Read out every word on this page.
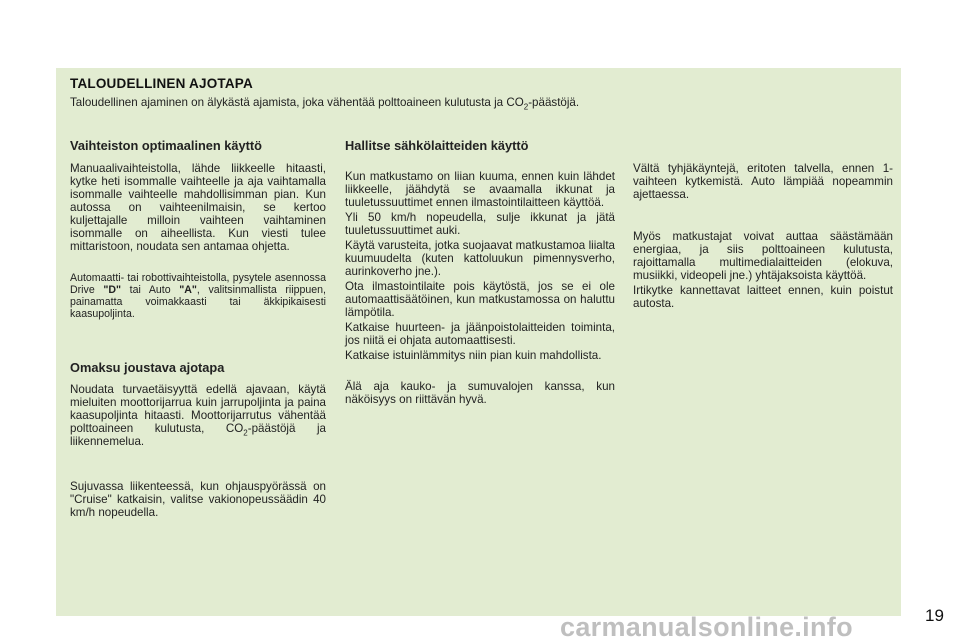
TALOUDELLINEN AJOTAPA

Taloudellinen ajaminen on älykästä ajamista, joka vähentää polttoaineen kulutusta ja $CO_2$-päästöjä.

Vaihteiston optimaalinen käyttö

Manuaalivaihteistolla, lähde liikkeelle hitaasti, kytke heti isommalle vaihteelle ja aja vaihtamalla isommalle vaihteelle mahdollisimman pian. Kun autossa on vaihteenilmaisin, se kertoo kuljettajalle milloin vaihteen vaihtaminen isommalle on aiheellista. Kun viesti tulee mittaristoon, noudata sen antamaa ohjetta.

Automaatti- tai robottivaihteistolla, pysytele asennossa Drive "D" tai Auto "A", valitsinmallista riippuen, painamatta voimakkaasti tai äkkipikaisesti kaasupoljinta.

Omaksu joustava ajotapa

Noudata turvaetäisyyttä edellä ajavaan, käytä mieluiten moottorijarrua kuin jarrupoljinta ja paina kaasupoljinta hitaasti. Moottorijarrutus vähentää polttoaineen kulutusta, $CO_2$-päästöjä ja liikennemelua.

Sujuvassa liikenteessä, kun ohjauspyörässä on "Cruise" katkaisin, valitse vakionopeussäädin 40 km/h nopeudella.

Hallitse sähkölaitteiden käyttö

Kun matkustamo on liian kuuma, ennen kuin lähdet liikkeelle, jäähdytä se avaamalla ikkunat ja tuuletussuuttimet ennen ilmastointilaitteen käyttöä.

Yli 50 km/h nopeudella, sulje ikkunat ja jätä tuuletussuuttimet auki.

Käytä varusteita, jotka suojaavat matkustamoa liialta kuumuudelta (kuten kattoluukun pimennysverho, aurinkoverho jne.).

Ota ilmastointilaite pois käytöstä, jos se ei ole automaattisäätöinen, kun matkustamossa on haluttu lämpötila.

Katkaise huurteen- ja jäänpoistolaitteiden toiminta, jos niitä ei ohjata automaattisesti.

Katkaise istuinlämmitys niin pian kuin mahdollista.

Älä aja kauko- ja sumuvalojen kanssa, kun näköisyys on riittävän hyvä.

Vältä tyhjäkäyntejä, eritoten talvella, ennen 1-vaihteen kytkemistä. Auto lämpiää nopeammin ajettaessa.

Myös matkustajat voivat auttaa säästämään energiaa, ja siis polttoaineen kulutusta, rajoittamalla multimedialaitteiden (elokuva, musiikki, videopeli jne.) yhtäjaksoista käyttöä.

Irtikytke kannettavat laitteet ennen, kuin poistut autosta.

19
carmanualsonline.info
